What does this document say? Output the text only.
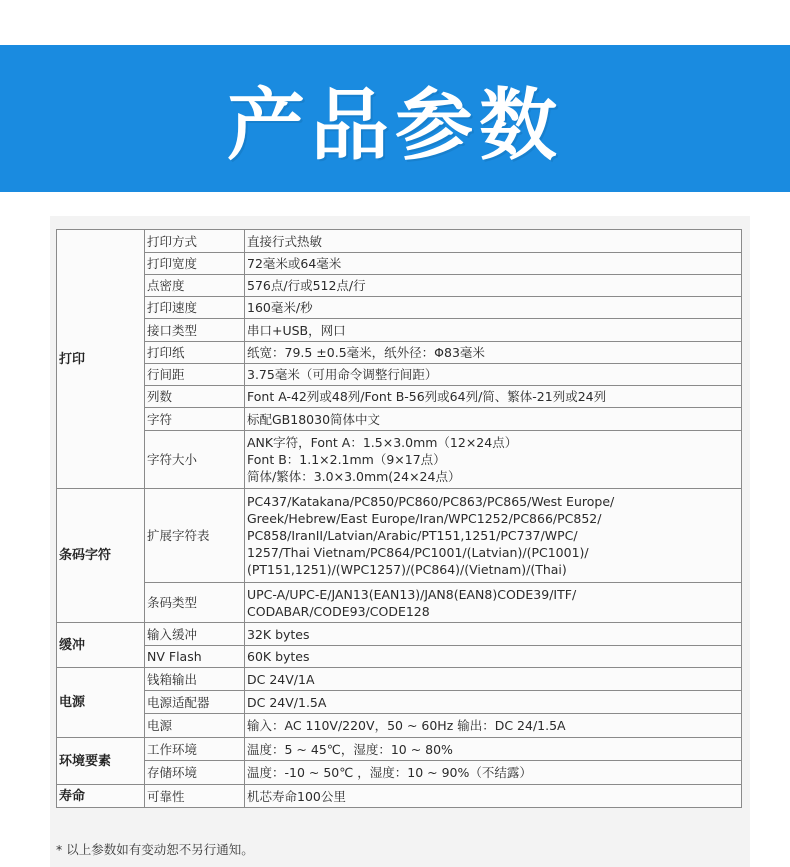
产品参数
打印	打印方式	直接行式热敏
	打印宽度	72毫米或64毫米
	点密度	576点/行或512点/行
	打印速度	160毫米/秒
	接口类型	串口+USB，网口
	打印纸	纸宽：79.5 ±0.5毫米，纸外径：Φ83毫米
	行间距	3.75毫米（可用命令调整行间距）
	列数	Font A-42列或48列/Font B-56列或64列/简、繁体-21列或24列
	字符	标配GB18030简体中文
	字符大小	ANK字符，Font A：1.5×3.0mm（12×24点）
Font B：1.1×2.1mm（9×17点）
简体/繁体：3.0×3.0mm(24×24点）

条码字符	扩展字符表	PC437/Katakana/PC850/PC860/PC863/PC865/West Europe/
Greek/Hebrew/East Europe/Iran/WPC1252/PC866/PC852/
PC858/IranII/Latvian/Arabic/PT151,1251/PC737/WPC/
1257/Thai Vietnam/PC864/PC1001/(Latvian)/(PC1001)/
(PT151,1251)/(WPC1257)/(PC864)/(Vietnam)/(Thai)

	条码类型	UPC-A/UPC-E/JAN13(EAN13)/JAN8(EAN8)CODE39/ITF/
CODABAR/CODE93/CODE128

缓冲	输入缓冲	32K bytes
	NV Flash	60K bytes
电源	钱箱输出	DC 24V/1A
	电源适配器	DC 24V/1.5A
	电源	输入：AC 110V/220V，50 ~ 60Hz 输出：DC 24/1.5A
环境要素	工作环境	温度：5 ~ 45℃，湿度：10 ~ 80%
	存储环境	温度：-10 ~ 50℃ ，湿度：10 ~ 90%（不结露）
寿命	可靠性	机芯寿命100公里
* 以上参数如有变动恕不另行通知。
